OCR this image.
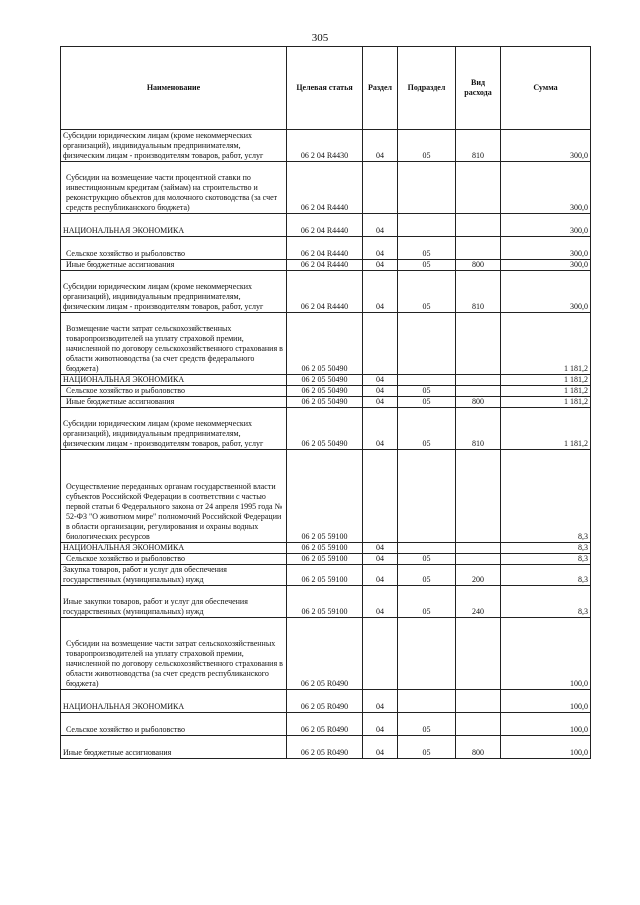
305
Наименование	Целевая статья	Раздел	Подраздел	Вид расхода	Сумма
Субсидии юридическим лицам (кроме некоммерческих организаций), индивидуальным предпринимателям, физическим лицам - производителям товаров, работ, услуг	06 2 04 R4430	04	05	810	300,0
Субсидии на возмещение части процентной ставки по инвестиционным кредитам (займам) на строительство и реконструкцию объектов для молочного скотоводства (за счет средств республиканского бюджета)	06 2 04 R4440				300,0
НАЦИОНАЛЬНАЯ ЭКОНОМИКА	06 2 04 R4440	04			300,0
Сельское хозяйство и рыболовство	06 2 04 R4440	04	05		300,0
Иные бюджетные ассигнования	06 2 04 R4440	04	05	800	300,0
Субсидии юридическим лицам (кроме некоммерческих организаций), индивидуальным предпринимателям, физическим лицам - производителям товаров, работ, услуг	06 2 04 R4440	04	05	810	300,0
Возмещение части затрат сельскохозяйственных товаропроизводителей на уплату страховой премии, начисленной по договору сельскохозяйственного страхования в области животноводства (за счет средств федерального бюджета)	06 2 05 50490				1 181,2
НАЦИОНАЛЬНАЯ ЭКОНОМИКА	06 2 05 50490	04			1 181,2
Сельское хозяйство и рыболовство	06 2 05 50490	04	05		1 181,2
Иные бюджетные ассигнования	06 2 05 50490	04	05	800	1 181,2
Субсидии юридическим лицам (кроме некоммерческих организаций), индивидуальным предпринимателям, физическим лицам - производителям товаров, работ, услуг	06 2 05 50490	04	05	810	1 181,2
Осуществление переданных органам государственной власти субъектов Российской Федерации в соответствии с частью первой статьи 6 Федерального закона от 24 апреля 1995 года № 52-ФЗ "О животном мире" полномочий Российской Федерации в области организации, регулирования и охраны водных биологических ресурсов	06 2 05 59100				8,3
НАЦИОНАЛЬНАЯ ЭКОНОМИКА	06 2 05 59100	04			8,3
Сельское хозяйство и рыболовство	06 2 05 59100	04	05		8,3
Закупка товаров, работ и услуг для обеспечения государственных (муниципальных) нужд	06 2 05 59100	04	05	200	8,3
Иные закупки товаров, работ и услуг для обеспечения государственных (муниципальных) нужд	06 2 05 59100	04	05	240	8,3
Субсидии на возмещение части затрат сельскохозяйственных товаропроизводителей на уплату страховой премии, начисленной по договору сельскохозяйственного страхования в области животноводства (за счет средств республиканского бюджета)	06 2 05 R0490				100,0
НАЦИОНАЛЬНАЯ ЭКОНОМИКА	06 2 05 R0490	04			100,0
Сельское хозяйство и рыболовство	06 2 05 R0490	04	05		100,0
Иные бюджетные ассигнования	06 2 05 R0490	04	05	800	100,0
